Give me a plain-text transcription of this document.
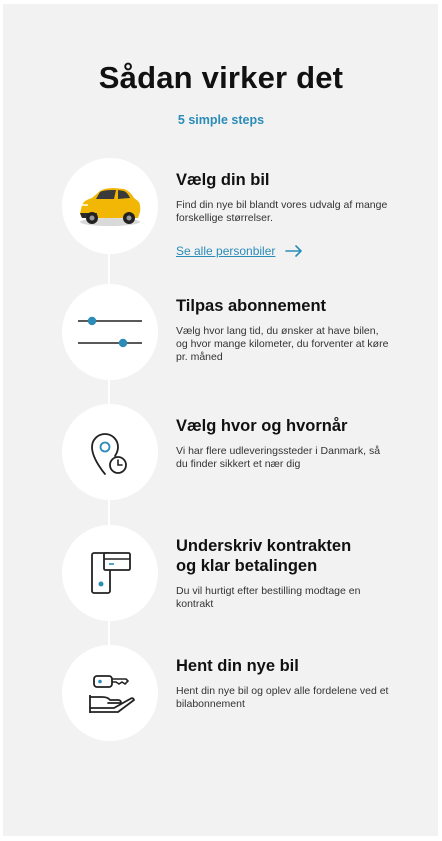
Sådan virker det
5 simple steps
Vælg din bil
Find din nye bil blandt vores udvalg af mange forskellige størrelser.
Se alle personbiler
Tilpas abonnement
Vælg hvor lang tid, du ønsker at have bilen, og hvor mange kilometer, du forventer at køre pr. måned
Vælg hvor og hvornår
Vi har flere udleveringssteder i Danmark, så du finder sikkert et nær dig
Underskriv kontrakten
og klar betalingen
Du vil hurtigt efter bestilling modtage en kontrakt
Hent din nye bil
Hent din nye bil og oplev alle fordelene ved et bilabonnement
